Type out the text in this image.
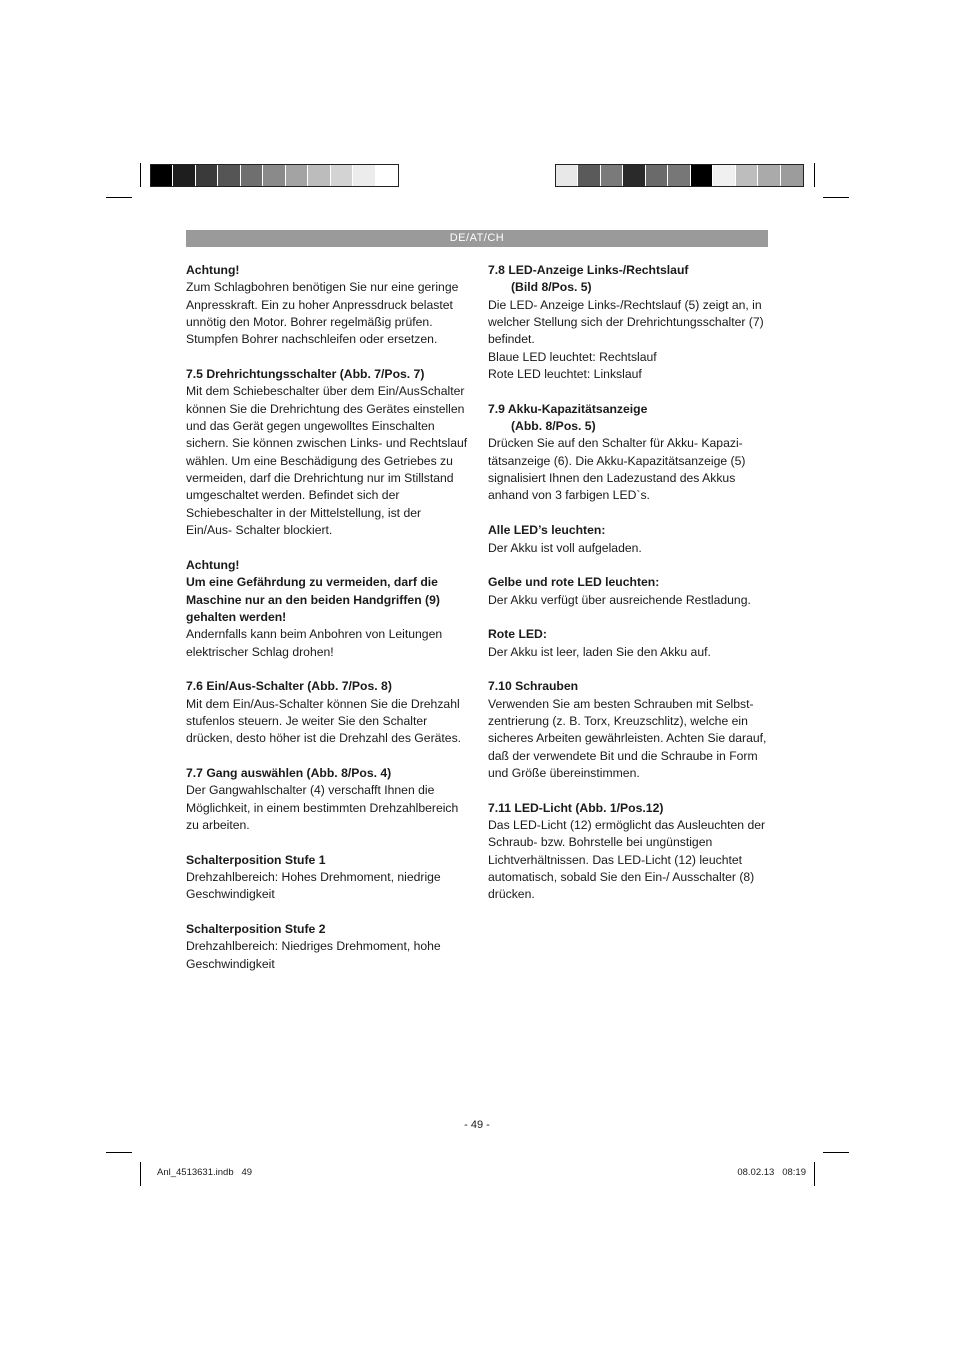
DE/AT/CH

Achtung!
Zum Schlagbohren benötigen Sie nur eine geringe Anpresskraft. Ein zu hoher Anpressdruck belastet unnötig den Motor. Bohrer regelmäßig prüfen. Stumpfen Bohrer nachschleifen oder ersetzen.

7.5 Drehrichtungsschalter (Abb. 7/Pos. 7)
Mit dem Schiebeschalter über dem Ein/AusSchalter können Sie die Drehrichtung des Gerätes einstellen und das Gerät gegen ungewolltes Einschalten sichern. Sie können zwischen Links- und Rechtslauf wählen. Um eine Beschädigung des Getriebes zu vermeiden, darf die Drehrichtung nur im Stillstand umgeschaltet werden. Befindet sich der Schiebeschalter in der Mittelstellung, ist der Ein/Aus- Schalter blockiert.

Achtung!
Um eine Gefährdung zu vermeiden, darf die Maschine nur an den beiden Handgriffen (9) gehalten werden!
Andernfalls kann beim Anbohren von Leitungen elektrischer Schlag drohen!

7.6 Ein/Aus-Schalter (Abb. 7/Pos. 8)
Mit dem Ein/Aus-Schalter können Sie die Drehzahl stufenlos steuern. Je weiter Sie den Schalter drücken, desto höher ist die Drehzahl des Gerätes.

7.7 Gang auswählen (Abb. 8/Pos. 4)
Der Gangwahlschalter (4) verschafft Ihnen die Möglichkeit, in einem bestimmten Drehzahlbereich zu arbeiten.

Schalterposition Stufe 1
Drehzahlbereich: Hohes Drehmoment, niedrige Geschwindigkeit

Schalterposition Stufe 2
Drehzahlbereich: Niedriges Drehmoment, hohe Geschwindigkeit

7.8 LED-Anzeige Links-/Rechtslauf
(Bild 8/Pos. 5)
Die LED- Anzeige Links-/Rechtslauf (5) zeigt an, in welcher Stellung sich der Drehrichtungsschalter (7) befindet.
Blaue LED leuchtet: Rechtslauf
Rote LED leuchtet: Linkslauf

7.9 Akku-Kapazitätsanzeige
(Abb. 8/Pos. 5)
Drücken Sie auf den Schalter für Akku- Kapazitätsanzeige (6). Die Akku-Kapazitätsanzeige (5) signalisiert Ihnen den Ladezustand des Akkus anhand von 3 farbigen LED`s.

Alle LED’s leuchten:
Der Akku ist voll aufgeladen.

Gelbe und rote LED leuchten:
Der Akku verfügt über ausreichende Restladung.

Rote LED:
Der Akku ist leer, laden Sie den Akku auf.

7.10 Schrauben
Verwenden Sie am besten Schrauben mit Selbstzentrierung (z. B. Torx, Kreuzschlitz), welche ein sicheres Arbeiten gewährleisten. Achten Sie darauf, daß der verwendete Bit und die Schraube in Form und Größe übereinstimmen.

7.11 LED-Licht (Abb. 1/Pos.12)
Das LED-Licht (12) ermöglicht das Ausleuchten der Schraub- bzw. Bohrstelle bei ungünstigen Lichtverhältnissen. Das LED-Licht (12) leuchtet automatisch, sobald Sie den Ein-/ Ausschalter (8) drücken.

- 49 -
Anl_4513631.indb   49	08.02.13   08:19
